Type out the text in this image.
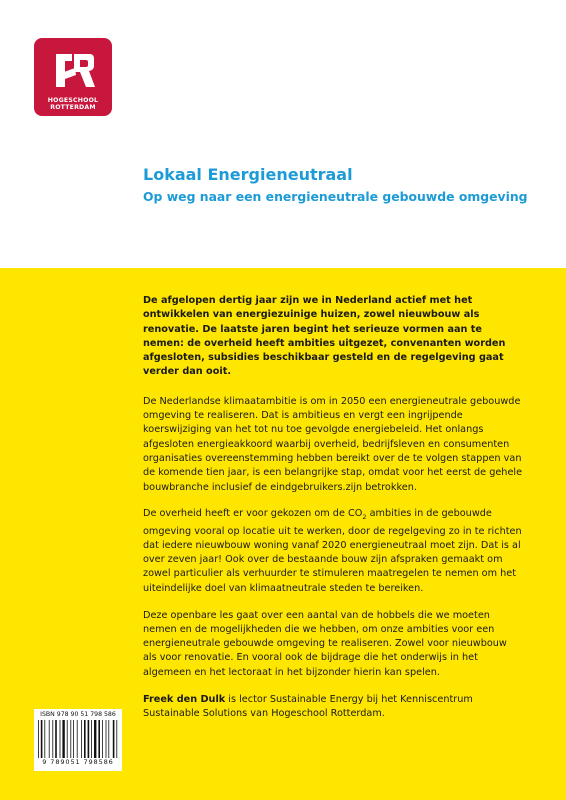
HOGESCHOOL
ROTTERDAM
Lokaal Energieneutraal
Op weg naar een energieneutrale gebouwde omgeving

De afgelopen dertig jaar zijn we in Nederland actief met het ontwikkelen van energiezuinige huizen, zowel nieuwbouw als renovatie. De laatste jaren begint het serieuze vormen aan te nemen: de overheid heeft ambities uitgezet, convenanten worden afgesloten, subsidies beschikbaar gesteld en de regelgeving gaat verder dan ooit.

De Nederlandse klimaatambitie is om in 2050 een energieneutrale gebouwde omgeving te realiseren. Dat is ambitieus en vergt een ingrijpende koerswijziging van het tot nu toe gevolgde energiebeleid. Het onlangs afgesloten energieakkoord waarbij overheid, bedrijfsleven en consumenten organisaties overeenstemming hebben bereikt over de te volgen stappen van de komende tien jaar, is een belangrijke stap, omdat voor het eerst de gehele bouwbranche inclusief de eindgebruikers.zijn betrokken.

De overheid heeft er voor gekozen om de $CO_2$ ambities in de gebouwde omgeving vooral op locatie uit te werken, door de regelgeving zo in te richten dat iedere nieuwbouw woning vanaf 2020 energieneutraal moet zijn. Dat is al over zeven jaar! Ook over de bestaande bouw zijn afspraken gemaakt om zowel particulier als verhuurder te stimuleren maatregelen te nemen om het uiteindelijke doel van klimaatneutrale steden te bereiken.

Deze openbare les gaat over een aantal van de hobbels die we moeten nemen en de mogelijkheden die we hebben, om onze ambities voor een energieneutrale gebouwde omgeving te realiseren. Zowel voor nieuwbouw als voor renovatie. En vooral ook de bijdrage die het onderwijs in het algemeen en het lectoraat in het bijzonder hierin kan spelen.

Freek den Dulk is lector Sustainable Energy bij het Kenniscentrum Sustainable Solutions van Hogeschool Rotterdam.

ISBN 978 90 51 798 586

9 789051 798586
